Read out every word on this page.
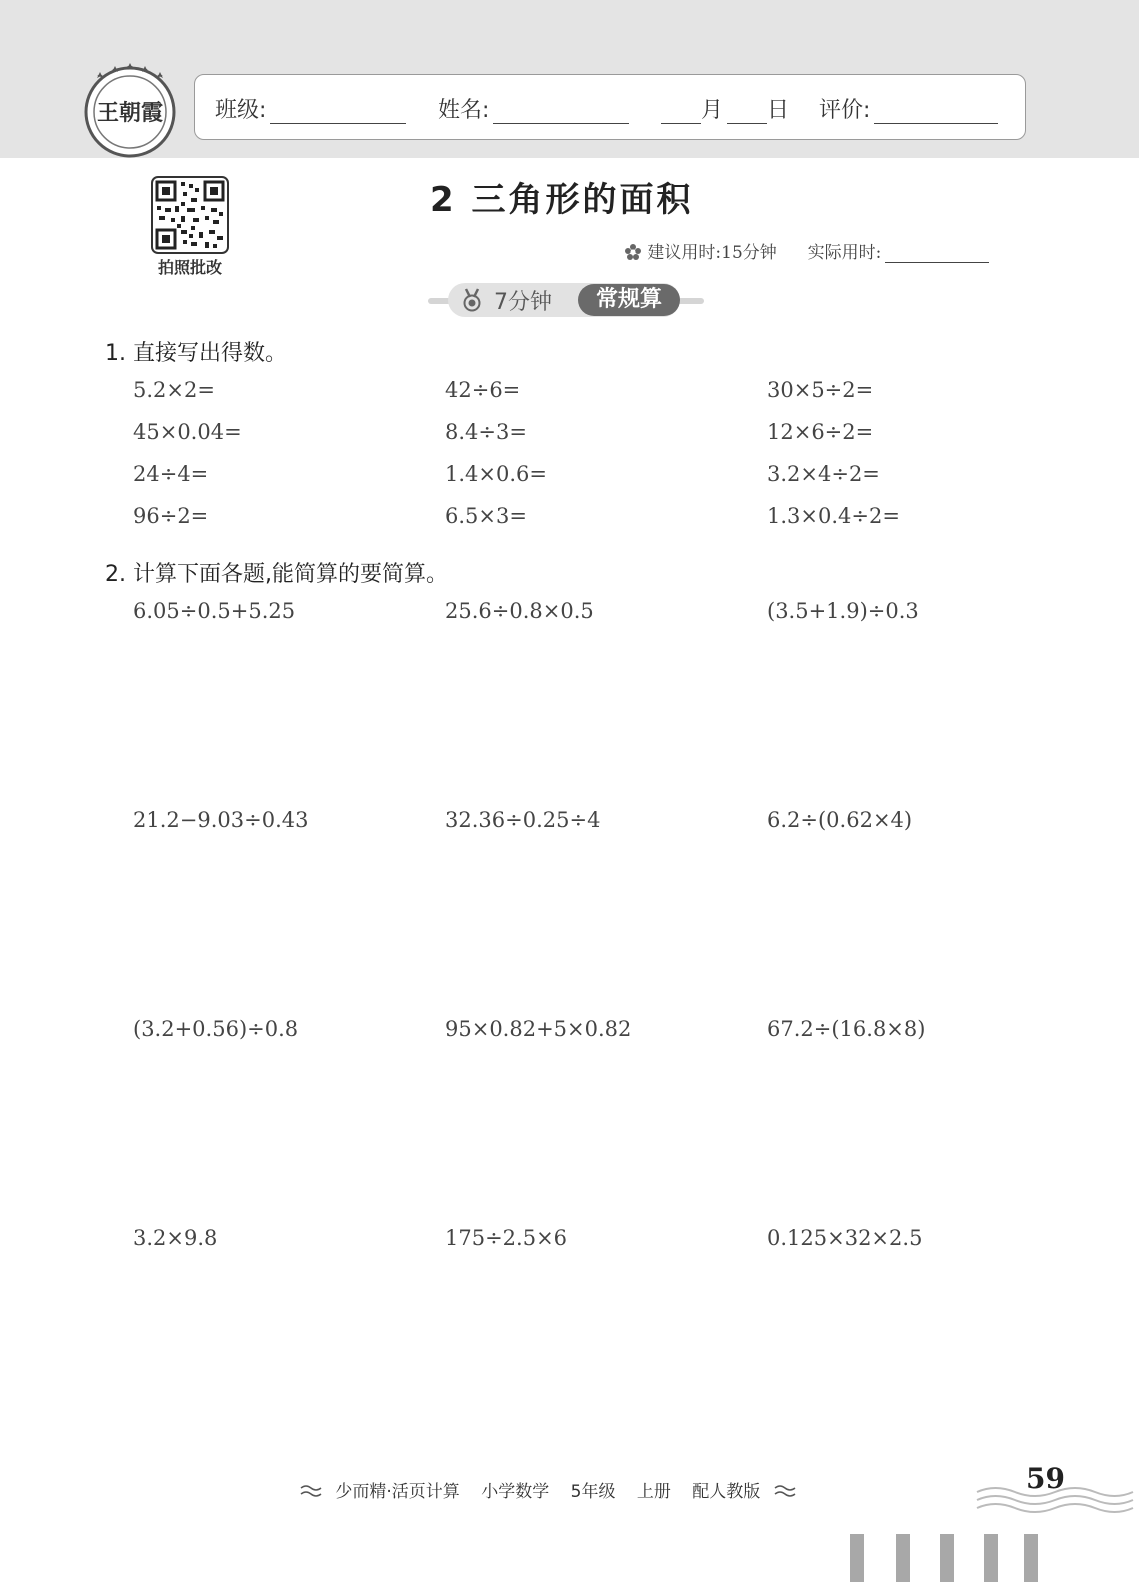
王朝霞 班级:	姓名:	月 日 评价:
拍照批改
2 三角形的面积
建议用时:15分钟 实际用时:
7分钟	常规算
1. 直接写出得数。
5.2×2=	42÷6=	30×5÷2=
45×0.04=	8.4÷3=	12×6÷2=
24÷4=	1.4×0.6=	3.2×4÷2=
96÷2=	6.5×3=	1.3×0.4÷2=
2. 计算下面各题,能简算的要简算。
6.05÷0.5+5.25	25.6÷0.8×0.5	(3.5+1.9)÷0.3
21.2−9.03÷0.43	32.36÷0.25÷4	6.2÷(0.62×4)
(3.2+0.56)÷0.8	95×0.82+5×0.82	67.2÷(16.8×8)
3.2×9.8	175÷2.5×6	0.125×32×2.5
少而精·活页计算 小学数学 5年级 上册 配人教版	59
